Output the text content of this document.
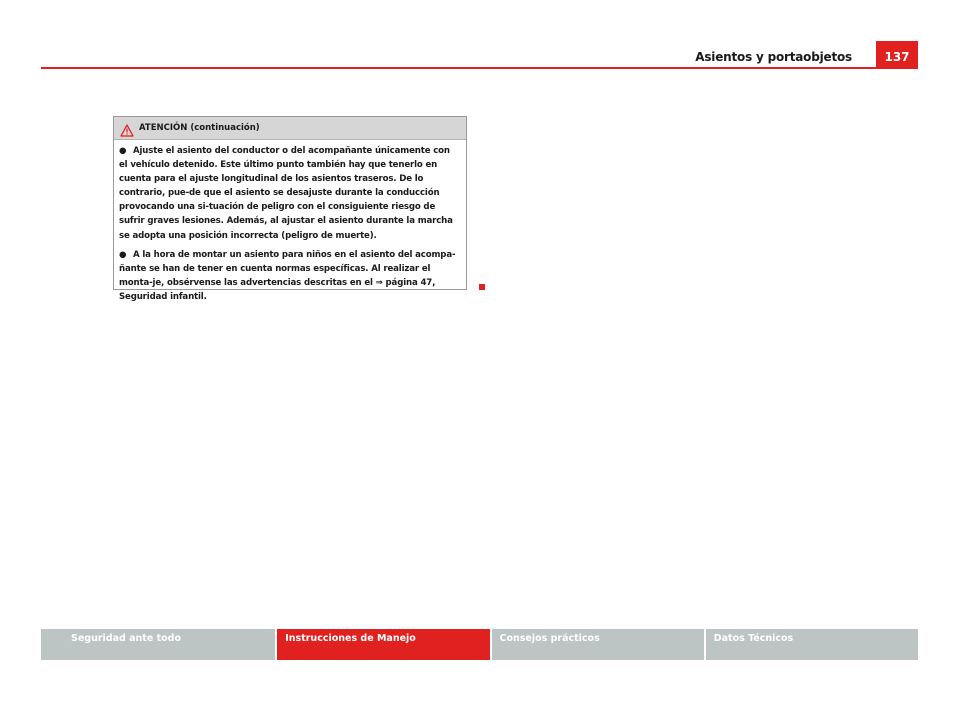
Asientos y portaobjetos	137
ATENCIÓN (continuación)

● Ajuste el asiento del conductor o del acompañante únicamente con el vehículo detenido. Este último punto también hay que tenerlo en cuenta para el ajuste longitudinal de los asientos traseros. De lo contrario, pue-de que el asiento se desajuste durante la conducción provocando una si-tuación de peligro con el consiguiente riesgo de sufrir graves lesiones. Además, al ajustar el asiento durante la marcha se adopta una posición incorrecta (peligro de muerte).

● A la hora de montar un asiento para niños en el asiento del acompa-ñante se han de tener en cuenta normas específicas. Al realizar el monta-je, obsérvense las advertencias descritas en el ⇒ página 47, Seguridad infantil.

Seguridad ante todo	Instrucciones de Manejo	Consejos prácticos	Datos Técnicos
